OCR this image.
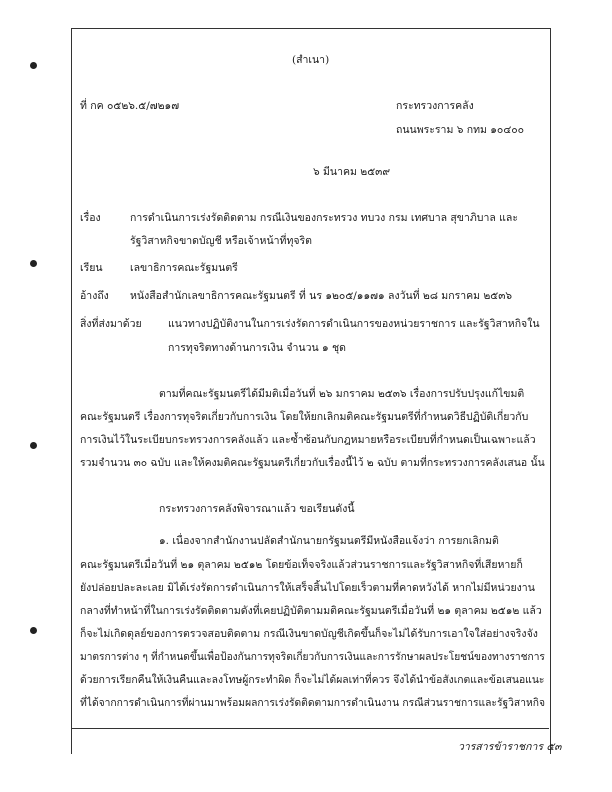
(สำเนา)
ที่ กค ๐๕๒๖.๕/๗๒๑๗	กระทรวงการคลัง
ถนนพระราม ๖ กทม ๑๐๔๐๐
๖ มีนาคม ๒๕๓๙
เรื่อง	การดำเนินการเร่งรัดติดตาม กรณีเงินของกระทรวง ทบวง กรม เทศบาล สุขาภิบาล และ
รัฐวิสาหกิจขาดบัญชี หรือเจ้าหน้าที่ทุจริต
เรียน	เลขาธิการคณะรัฐมนตรี
อ้างถึง หนังสือสำนักเลขาธิการคณะรัฐมนตรี ที่ นร ๑๒๐๕/๑๑๗๑ ลงวันที่ ๒๘ มกราคม ๒๕๓๖
สิ่งที่ส่งมาด้วย	แนวทางปฏิบัติงานในการเร่งรัดการดำเนินการของหน่วยราชการ และรัฐวิสาหกิจใน
การทุจริตทางด้านการเงิน จำนวน ๑ ชุด
ตามที่คณะรัฐมนตรีได้มีมติเมื่อวันที่ ๒๖ มกราคม ๒๕๓๖ เรื่องการปรับปรุงแก้ไขมติ
คณะรัฐมนตรี เรื่องการทุจริตเกี่ยวกับการเงิน โดยให้ยกเลิกมติคณะรัฐมนตรีที่กำหนดวิธีปฏิบัติเกี่ยวกับ
การเงินไว้ในระเบียบกระทรวงการคลังแล้ว และซ้ำซ้อนกับกฎหมายหรือระเบียบที่กำหนดเป็นเฉพาะแล้ว
รวมจำนวน ๓๐ ฉบับ และให้คงมติคณะรัฐมนตรีเกี่ยวกับเรื่องนี้ไว้ ๒ ฉบับ ตามที่กระทรวงการคลังเสนอ นั้น
กระทรวงการคลังพิจารณาแล้ว ขอเรียนดังนี้
๑. เนื่องจากสำนักงานปลัดสำนักนายกรัฐมนตรีมีหนังสือแจ้งว่า การยกเลิกมติ
คณะรัฐมนตรีเมื่อวันที่ ๒๑ ตุลาคม ๒๕๑๒ โดยข้อเท็จจริงแล้วส่วนราชการและรัฐวิสาหกิจที่เสียหายก็
ยังปล่อยปละละเลย มิได้เร่งรัดการดำเนินการให้เสร็จสิ้นไปโดยเร็วตามที่คาดหวังได้ หากไม่มีหน่วยงาน
กลางที่ทำหน้าที่ในการเร่งรัดติดตามดังที่เคยปฏิบัติตามมติคณะรัฐมนตรีเมื่อวันที่ ๒๑ ตุลาคม ๒๕๑๒ แล้ว
ก็จะไม่เกิดดุลย์ของการตรวจสอบติดตาม กรณีเงินขาดบัญชีเกิดขึ้นก็จะไม่ได้รับการเอาใจใส่อย่างจริงจัง
มาตรการต่าง ๆ ที่กำหนดขึ้นเพื่อป้องกันการทุจริตเกี่ยวกับการเงินและการรักษาผลประโยชน์ของทางราชการ
ด้วยการเรียกคืนให้เงินคืนและลงโทษผู้กระทำผิด ก็จะไม่ได้ผลเท่าที่ควร จึงได้นำข้อสังเกตและข้อเสนอแนะ
ที่ได้จากการดำเนินการที่ผ่านมาพร้อมผลการเร่งรัดติดตามการดำเนินงาน กรณีส่วนราชการและรัฐวิสาหกิจ
วารสารข้าราชการ ๕๓
